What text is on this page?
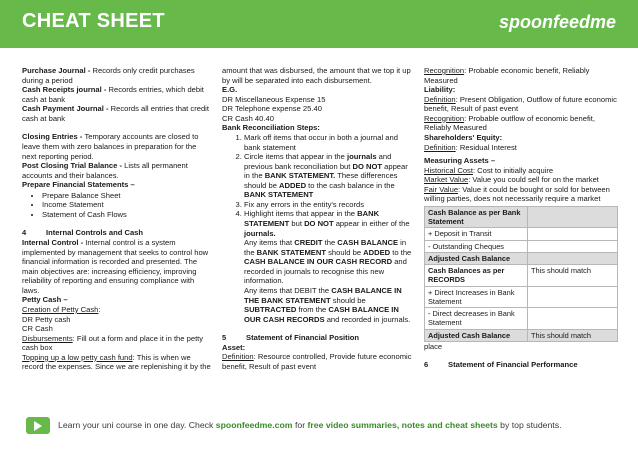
CHEAT SHEET	spoonfeedme

Purchase Journal - Records only credit purchases during a period

Cash Receipts journal - Records entries, which debit cash at bank

Cash Payment Journal - Records all entries that credit cash at bank

Closing Entries - Temporary accounts are closed to leave them with zero balances in preparation for the next reporting period.

Post Closing Trial Balance - Lists all permanent accounts and their balances.

Prepare Financial Statements –

• Prepare Balance Sheet
• Income Statement
• Statement of Cash Flows
4	Internal Controls and Cash

Internal Control - Internal control is a system implemented by management that seeks to control how financial information is recorded and presented. The main objectives are: increasing efficiency, improving reliability of reporting and ensuring compliance with laws.

Petty Cash –

Creation of Petty Cash:

DR Petty cash

CR Cash

Disbursements: Fill out a form and place it in the petty cash box

Topping up a low petty cash fund: This is when we record the expenses. Since we are replenishing it by the

amount that was disbursed, the amount that we top it up by will be separated into each disbursement.

E.G.

DR Miscellaneous Expense 15

DR Telephone expense 25.40

CR Cash 40.40

Bank Reconciliation Steps:

1. Mark off items that occur in both a journal and bank statement
2. Circle items that appear in the journals and previous bank reconciliation but DO NOT appear in the BANK STATEMENT. These differences should be ADDED to the cash balance in the BANK STATEMENT
3. Fix any errors in the entity's records
4. Highlight items that appear in the BANK STATEMENT but DO NOT appear in either of the journals.

Any items that CREDIT the CASH BALANCE in the BANK STATEMENT should be ADDED to the CASH BALANCE IN OUR CASH RECORD and recorded in journals to recognise this new information.

Any items that DEBIT the CASH BALANCE IN THE BANK STATEMENT should be SUBTRACTED from the CASH BALANCE IN OUR CASH RECORDS and recorded in journals.

5	Statement of Financial Position

Asset:

Definition: Resource controlled, Provide future economic benefit, Result of past event

Recognition: Probable economic benefit, Reliably Measured

Liability:

Definition: Present Obligation, Outflow of future economic benefit, Result of past event

Recognition: Probable outflow of economic benefit, Reliably Measured

Shareholders' Equity:

Definition: Residual Interest

Measuring Assets –

Historical Cost: Cost to initially acquire

Market Value: Value you could sell for on the market

Fair Value: Value it could be bought or sold for between willing parties, does not necessarily require a market

Cash Balance as per Bank Statement	
+ Deposit in Transit	
- Outstanding Cheques	
Adjusted Cash Balance	
Cash Balances as per RECORDS	This should match
+ Direct Increases in Bank Statement	
- Direct decreases in Bank Statement	
Adjusted Cash Balance	This should match

place

6	Statement of Financial Performance
Learn your uni course in one day. Check spoonfeedme.com for free video summaries, notes and cheat sheets by top students.
